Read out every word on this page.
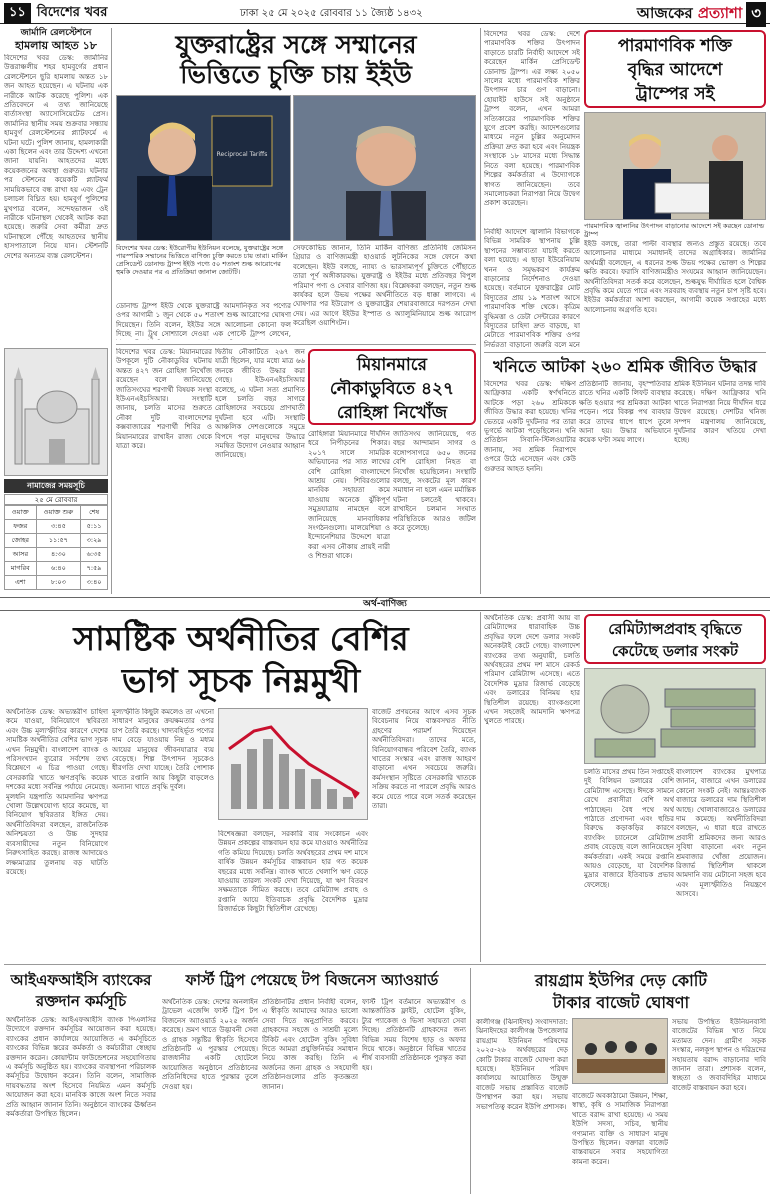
১১ বিদেশের খবর	ঢাকা ২৫ মে ২০২৫ রোববার ১১ জ্যৈষ্ঠ ১৪৩২	আজকের প্রত্যাশা ৩
জার্মানি রেলস্টেশনে
হামলায় আহত ১৮
বিদেশের খবর ডেস্ক: জার্মানির উত্তরাঞ্চলীয় শহর হামবুর্গের প্রধান রেলস্টেশনে ছুরি হামলায় অন্তত ১৮ জন আহত হয়েছেন। এ ঘটনায় এক নারীকে আটক করেছে পুলিশ। এক প্রতিবেদনে এ তথ্য জানিয়েছে বার্তাসংস্থা অ্যাসোসিয়েটেড প্রেস। জার্মানির স্থানীয় সময় শুক্রবার সন্ধ্যায় হামবুর্গ রেলস্টেশনের প্ল্যাটফর্মে এ ঘটনা ঘটে। পুলিশ জানায়, হামলাকারী একা ছিলেন এবং তার উদ্দেশ্য এখনো জানা যায়নি। আহতদের মধ্যে কয়েকজনের অবস্থা গুরুতর। ঘটনার পর স্টেশনের কয়েকটি প্ল্যাটফর্ম সাময়িকভাবে বন্ধ রাখা হয় এবং ট্রেন চলাচল বিঘ্নিত হয়। হামবুর্গ পুলিশের মুখপাত্র বলেন, সন্দেহভাজন ওই নারীকে ঘটনাস্থল থেকেই আটক করা হয়েছে। জরুরি সেবা কর্মীরা দ্রুত ঘটনাস্থলে পৌঁছে আহতদের স্থানীয় হাসপাতালে নিয়ে যান। স্টেশনটি দেশের অন্যতম ব্যস্ত রেলস্টেশন।
নামাজের সময়সূচি
২৫ মে রোববার
ওয়াক্ত	ওয়াক্ত শুরু	শেষ
ফজর	৩:৪৫	৫:১১
জোহর	১১:৫৭	৩:২৯
আসর	৪:৩০	৬:৩৫
মাগরিব	৬:৪০	৭:৫৯
এশা	৮:০৩	৩:৪০
যুক্তরাষ্ট্রের সঙ্গে সম্মানের
ভিত্তিতে চুক্তি চায় ইইউ
Reciprocal Tariffs
বিদেশের খবর ডেস্ক: ইউরোপীয় ইউনিয়ন বলেছে, যুক্তরাষ্ট্রের সঙ্গে পারস্পরিক সম্মানের ভিত্তিতে বাণিজ্য চুক্তি করতে চায় তারা। মার্কিন প্রেসিডেন্ট ডোনাল্ড ট্রাম্প ইইউ পণ্যে ৫০ শতাংশ শুল্ক আরোপের হুমকি দেওয়ার পর এ প্রতিক্রিয়া জানাল জোটটি।
ডোনাল্ড ট্রাম্প ইইউ থেকে যুক্তরাষ্ট্রে আমদানিকৃত সব পণ্যের ওপর আগামী ১ জুন থেকে ৫০ শতাংশ শুল্ক আরোপের ঘোষণা দিয়েছেন। তিনি বলেন, ইইউর সঙ্গে আলোচনা কোনো ফল দিচ্ছে না। ট্রুথ সোশ্যালে দেওয়া এক পোস্টে ট্রাম্প লেখেন,
সেফকোভিচ জানান, তিনি মার্কিন বাণিজ্য প্রতিনিধি জেমিসন গ্রিয়ার ও বাণিজ্যমন্ত্রী হাওয়ার্ড লুটনিকের সঙ্গে ফোনে কথা বলেছেন। ইইউ বলছে, ন্যায্য ও ভারসাম্যপূর্ণ চুক্তিতে পৌঁছাতে তারা পূর্ণ অঙ্গীকারবদ্ধ। যুক্তরাষ্ট্র ও ইইউর মধ্যে প্রতিবছর বিপুল পরিমাণ পণ্য ও সেবার বাণিজ্য হয়। বিশ্লেষকরা বলছেন, নতুন শুল্ক কার্যকর হলে উভয় পক্ষের অর্থনীতিতে বড় ধাক্কা লাগবে। এ ঘোষণার পর ইউরোপ ও যুক্তরাষ্ট্রের শেয়ারবাজারে দরপতন দেখা দেয়। এর আগে ইইউর ইস্পাত ও অ্যালুমিনিয়ামে শুল্ক আরোপ করেছিল ওয়াশিংটন।
বিদেশের খবর ডেস্ক: মিয়ানমারের উপকূলে দুটি নৌকাডুবির ঘটনায় অন্তত ৪২৭ জন রোহিঙ্গা নিখোঁজ রয়েছেন বলে জানিয়েছে জাতিসংঘের শরণার্থী বিষয়ক সংস্থা ইউএনএইচসিআর। সংস্থাটি জানায়, চলতি মাসের শুরুতে নৌকা দুটি বাংলাদেশের কক্সবাজারের শরণার্থী শিবির ও মিয়ানমারের রাখাইন রাজ্য থেকে যাত্রা করে।
দ্বিতীয় নৌকাটিতে ২৬৭ জন যাত্রী ছিলেন, যার মধ্যে মাত্র ৬৬ জনকে জীবিত উদ্ধার করা গেছে। ইউএনএইচসিআর বলেছে, এ ঘটনা সত্য প্রমাণিত হলে চলতি বছর সাগরে রোহিঙ্গাদের সবচেয়ে প্রাণঘাতী দুর্ঘটনা হবে এটি। সংস্থাটি আঞ্চলিক দেশগুলোকে সমুদ্রে বিপদে পড়া মানুষদের উদ্ধারে সমন্বিত উদ্যোগ নেওয়ার আহ্বান জানিয়েছে।
মিয়ানমারে
নৌকাডুবিতে ৪২৭
রোহিঙ্গা নিখোঁজ
রোহিঙ্গারা মিয়ানমারে দীর্ঘদিন ধরে নিপীড়নের শিকার। ২০১৭ সালে সামরিক অভিযানের পর সাত লাখের বেশি রোহিঙ্গা বাংলাদেশে আশ্রয় নেয়। শিবিরগুলোর মানবিক সহায়তা কমে যাওয়ায় অনেকে ঝুঁকিপূর্ণ সমুদ্রযাত্রায় নামছেন বলে জানিয়েছে মানবাধিকার সংগঠনগুলো। মালয়েশিয়া ও ইন্দোনেশিয়ার উদ্দেশে যাত্রা করা এসব নৌকায় প্রায়ই নারী ও শিশুরা থাকে।
জাতিসংঘ জানিয়েছে, গত বছর আন্দামান সাগর ও বঙ্গোপসাগরে ৬৫০ জনের বেশি রোহিঙ্গা নিহত বা নিখোঁজ হয়েছিলেন। সংস্থাটি বলছে, সংকটের মূল কারণ সমাধান না হলে এমন মর্মান্তিক ঘটনা চলতেই থাকবে। রাখাইনে চলমান সংঘাত পরিস্থিতিকে আরও জটিল করে তুলেছে।
বিদেশের খবর ডেস্ক: দেশে পারমাণবিক শক্তির উৎপাদন বাড়াতে চারটি নির্বাহী আদেশে সই করেছেন মার্কিন প্রেসিডেন্ট ডোনাল্ড ট্রাম্প। এর লক্ষ্য ২০৫০ সালের মধ্যে পারমাণবিক শক্তির উৎপাদন চার গুণ বাড়ানো। হোয়াইট হাউসে সই অনুষ্ঠানে ট্রাম্প বলেন, এখন আমরা সত্যিকারের পারমাণবিক শক্তির যুগে প্রবেশ করছি। আদেশগুলোর মাধ্যমে নতুন চুল্লির অনুমোদন প্রক্রিয়া দ্রুত করা হবে এবং নিয়ন্ত্রক সংস্থাকে ১৮ মাসের মধ্যে সিদ্ধান্ত নিতে বলা হয়েছে। পারমাণবিক শিল্পের কর্মকর্তারা এ উদ্যোগকে স্বাগত জানিয়েছেন। তবে সমালোচকরা নিরাপত্তা নিয়ে উদ্বেগ প্রকাশ করেছেন।
পারমাণবিক শক্তি
বৃদ্ধির আদেশে
ট্রাম্পের সই
পারমাণবিক জ্বালানির উৎপাদন বাড়ানোর আদেশে সই করছেন ডোনাল্ড ট্রাম্প
নির্বাহী আদেশে জ্বালানি বিভাগকে বিভিন্ন সামরিক স্থাপনায় চুল্লি স্থাপনের সম্ভাব্যতা যাচাই করতে বলা হয়েছে। এ ছাড়া ইউরেনিয়াম খনন ও সমৃদ্ধকরণ কার্যক্রম বাড়ানোর নির্দেশনাও দেওয়া হয়েছে। বর্তমানে যুক্তরাষ্ট্রের মোট বিদ্যুতের প্রায় ১৯ শতাংশ আসে পারমাণবিক শক্তি থেকে। কৃত্রিম বুদ্ধিমত্তা ও ডেটা সেন্টারের কারণে বিদ্যুতের চাহিদা দ্রুত বাড়ছে, যা মেটাতে পারমাণবিক শক্তির ওপর নির্ভরতা বাড়ানো জরুরি বলে মনে
ইইউ বলছে, তারা পাল্টা ব্যবস্থার জন্যও প্রস্তুত রয়েছে। তবে আলোচনার মাধ্যমে সমাধানই তাদের অগ্রাধিকার। জার্মানির অর্থমন্ত্রী বলেছেন, এ ধরনের শুল্ক উভয় পক্ষের ভোক্তা ও শিল্পের ক্ষতি করবে। ফরাসি বাণিজ্যমন্ত্রীও সংযমের আহ্বান জানিয়েছেন। অর্থনীতিবিদরা সতর্ক করে বলেছেন, শুল্কযুদ্ধ দীর্ঘায়িত হলে বৈশ্বিক প্রবৃদ্ধি কমে যেতে পারে এবং সরবরাহ ব্যবস্থায় নতুন চাপ সৃষ্টি হবে। ইইউর কর্মকর্তারা আশা করছেন, আগামী কয়েক সপ্তাহের মধ্যে আলোচনায় অগ্রগতি হবে।
খনিতে আটকা ২৬০ শ্রমিক জীবিত উদ্ধার
বিদেশের খবর ডেস্ক: দক্ষিণ আফ্রিকার একটি স্বর্ণখনিতে আটকে পড়া ২৬০ শ্রমিককে জীবিত উদ্ধার করা হয়েছে। খনির ভেতরে একটি দুর্ঘটনার পর তারা ভূগর্ভে আটকা পড়েছিলেন। খনি প্রতিষ্ঠান সিবানি-স্টিলওয়াটার জানায়, সব শ্রমিক নিরাপদে ওপরে উঠে এসেছেন এবং কেউ গুরুতর আহত হননি।
প্রতিষ্ঠানটি জানায়, বৃহস্পতিবার রাতে খনির একটি লিফট ব্যবস্থার ক্ষতি হওয়ার পর শ্রমিকরা আটকা পড়েন। পরে বিকল্প পথ ব্যবহার করে তাদের ধাপে ধাপে তুলে আনা হয়। উদ্ধার অভিযানে কয়েক ঘণ্টা সময় লাগে।
শ্রমিক ইউনিয়ন ঘটনার তদন্ত দাবি করেছে। দক্ষিণ আফ্রিকার খনি খাতে নিরাপত্তা নিয়ে দীর্ঘদিন ধরে উদ্বেগ রয়েছে। দেশটির খনিজ সম্পদ মন্ত্রণালয় জানিয়েছে, দুর্ঘটনার কারণ খতিয়ে দেখা হচ্ছে।
অর্থ-বাণিজ্য
সামষ্টিক অর্থনীতির বেশির
ভাগ সূচক নিম্নমুখী
অর্থনৈতিক ডেস্ক: অভ্যন্তরীণ চাহিদা কমে যাওয়া, বিনিয়োগে স্থবিরতা এবং উচ্চ মূল্যস্ফীতির কারণে দেশের সামষ্টিক অর্থনীতির বেশির ভাগ সূচক এখন নিম্নমুখী। বাংলাদেশ ব্যাংক ও পরিসংখ্যান ব্যুরোর সর্বশেষ তথ্য বিশ্লেষণে এ চিত্র পাওয়া গেছে। বেসরকারি খাতে ঋণপ্রবৃদ্ধি কয়েক দশকের মধ্যে সর্বনিম্ন পর্যায়ে নেমেছে। মূলধনি যন্ত্রপাতি আমদানির ঋণপত্র খোলা উল্লেখযোগ্য হারে কমেছে, যা বিনিয়োগ স্থবিরতার ইঙ্গিত দেয়। অর্থনীতিবিদরা বলছেন, রাজনৈতিক অনিশ্চয়তা ও উচ্চ সুদহার ব্যবসায়ীদের নতুন বিনিয়োগে নিরুৎসাহিত করছে। রাজস্ব আদায়েও লক্ষ্যমাত্রার তুলনায় বড় ঘাটতি রয়েছে।
মূল্যস্ফীতি কিছুটা কমলেও তা এখনো সাধারণ মানুষের ক্রয়ক্ষমতার ওপর চাপ তৈরি করছে। খাদ্যবহির্ভূত পণ্যের দাম বেড়ে যাওয়ায় নিম্ন ও মধ্যম আয়ের মানুষের জীবনযাত্রার ব্যয় বেড়েছে। শিল্প উৎপাদন সূচকেও ধীরগতি দেখা যাচ্ছে। তৈরি পোশাক খাতে রপ্তানি আয় কিছুটা বাড়লেও অন্যান্য খাতে প্রবৃদ্ধি দুর্বল।
বিশেষজ্ঞরা বলছেন, সরকারি ব্যয় সংকোচন এবং উন্নয়ন প্রকল্পের বাস্তবায়ন হার কমে যাওয়াও অর্থনীতির গতি কমিয়ে দিয়েছে। চলতি অর্থবছরের প্রথম দশ মাসে বার্ষিক উন্নয়ন কর্মসূচির বাস্তবায়ন হার গত কয়েক বছরের মধ্যে সর্বনিম্ন। ব্যাংক খাতে খেলাপি ঋণ বেড়ে যাওয়ায় তারল্য সংকট দেখা দিয়েছে, যা ঋণ বিতরণ সক্ষমতাকে সীমিত করছে। তবে রেমিট্যান্স প্রবাহ ও রপ্তানি আয়ে ইতিবাচক প্রবৃদ্ধি বৈদেশিক মুদ্রার রিজার্ভকে কিছুটা স্থিতিশীল রেখেছে।
বাজেট প্রণয়নের আগে এসব সূচক বিবেচনায় নিয়ে বাস্তবসম্মত নীতি গ্রহণের পরামর্শ দিয়েছেন অর্থনীতিবিদরা। তাদের মতে, বিনিয়োগবান্ধব পরিবেশ তৈরি, ব্যাংক খাতের সংস্কার এবং রাজস্ব আহরণ বাড়ানো এখন সবচেয়ে জরুরি। কর্মসংস্থান সৃষ্টিতে বেসরকারি খাতকে সক্রিয় করতে না পারলে প্রবৃদ্ধি আরও কমে যেতে পারে বলে সতর্ক করেছেন তারা।
অর্থনৈতিক ডেস্ক: প্রবাসী আয় বা রেমিট্যান্সের ধারাবাহিক উচ্চ প্রবৃদ্ধির ফলে দেশে ডলার সংকট অনেকটাই কেটে গেছে। বাংলাদেশ ব্যাংকের তথ্য অনুযায়ী, চলতি অর্থবছরের প্রথম দশ মাসে রেকর্ড পরিমাণ রেমিট্যান্স এসেছে। এতে বৈদেশিক মুদ্রার রিজার্ভ বেড়েছে এবং ডলারের বিনিময় হার স্থিতিশীল রয়েছে। ব্যাংকগুলো এখন সহজেই আমদানি ঋণপত্র খুলতে পারছে।
রেমিট্যান্সপ্রবাহ বৃদ্ধিতে
কেটেছে ডলার সংকট
চলতি মাসের প্রথম তিন সপ্তাহেই দুই বিলিয়ন ডলারের বেশি রেমিট্যান্স এসেছে। ঈদকে সামনে রেখে প্রবাসীরা বেশি অর্থ পাঠাচ্ছেন। বৈধ পথে অর্থ পাঠাতে প্রণোদনা এবং হুন্ডির বিরুদ্ধে কড়াকড়ির কারণে ব্যাংকিং চ্যানেলে রেমিট্যান্স প্রবাহ বেড়েছে বলে জানিয়েছেন কর্মকর্তারা। একই সময়ে রপ্তানি আয়ও বেড়েছে, যা বৈদেশিক মুদ্রার বাজারে ইতিবাচক প্রভাব ফেলেছে।
বাংলাদেশ ব্যাংকের মুখপাত্র জানান, বাজারে এখন ডলারের কোনো সংকট নেই। আন্তঃব্যাংক বাজারে ডলারের দাম স্থিতিশীল আছে। খোলাবাজারেও ডলারের দাম কমেছে। অর্থনীতিবিদরা বলছেন, এ ধারা ধরে রাখতে প্রবাসী শ্রমিকদের জন্য আরও সুবিধা বাড়ানো এবং নতুন শ্রমবাজার খোঁজা প্রয়োজন। রিজার্ভ স্থিতিশীল থাকলে আমদানি ব্যয় মেটানো সহজ হবে এবং মূল্যস্ফীতিও নিয়ন্ত্রণে আসবে।
আইএফআইসি ব্যাংকের রক্তদান কর্মসূচি
অর্থনৈতিক ডেস্ক: আইএফআইসি ব্যাংক পিএলসির উদ্যোগে রক্তদান কর্মসূচির আয়োজন করা হয়েছে। ব্যাংকের প্রধান কার্যালয়ে আয়োজিত এ কর্মসূচিতে ব্যাংকের বিভিন্ন স্তরের কর্মকর্তা ও কর্মচারীরা স্বেচ্ছায় রক্তদান করেন। কোয়ান্টাম ফাউন্ডেশনের সহযোগিতায় এ কর্মসূচি অনুষ্ঠিত হয়। ব্যাংকের ব্যবস্থাপনা পরিচালক কর্মসূচির উদ্বোধন করেন। তিনি বলেন, সামাজিক দায়বদ্ধতার অংশ হিসেবে নিয়মিত এমন কর্মসূচি আয়োজন করা হবে। মানবিক কাজে অংশ নিতে সবার প্রতি আহ্বান জানান তিনি। অনুষ্ঠানে ব্যাংকের ঊর্ধ্বতন কর্মকর্তারা উপস্থিত ছিলেন।
ফার্স্ট ট্রিপ পেয়েছে টপ বিজনেস অ্যাওয়ার্ড
অর্থনৈতিক ডেস্ক: দেশের অনলাইন ট্রাভেল এজেন্সি ফার্স্ট ট্রিপ টপ বিজনেস অ্যাওয়ার্ড ২০২৫ অর্জন করেছে। ভ্রমণ খাতে উদ্ভাবনী সেবা ও গ্রাহক সন্তুষ্টির স্বীকৃতি হিসেবে প্রতিষ্ঠানটি এ পুরস্কার পেয়েছে। রাজধানীর একটি হোটেলে আয়োজিত অনুষ্ঠানে প্রতিষ্ঠানের প্রতিনিধিদের হাতে পুরস্কার তুলে দেওয়া হয়।
প্রতিষ্ঠানটির প্রধান নির্বাহী বলেন, এ স্বীকৃতি আমাদের আরও ভালো সেবা দিতে অনুপ্রাণিত করবে। গ্রাহকদের সহজে ও সাশ্রয়ী মূল্যে টিকিট এবং হোটেল বুকিং সুবিধা দিতে আমরা প্রযুক্তিনির্ভর সমাধান নিয়ে কাজ করছি। তিনি এ অর্জনের জন্য গ্রাহক ও সহযোগী প্রতিষ্ঠানগুলোর প্রতি কৃতজ্ঞতা জানান।
ফার্স্ট ট্রিপ বর্তমানে অভ্যন্তরীণ ও আন্তর্জাতিক ফ্লাইট, হোটেল বুকিং, ট্যুর প্যাকেজ ও ভিসা সহায়তা সেবা দিচ্ছে। প্রতিষ্ঠানটি গ্রাহকদের জন্য বিভিন্ন সময় বিশেষ ছাড় ও অফার দিয়ে থাকে। অনুষ্ঠানে বিভিন্ন খাতের শীর্ষ ব্যবসায়ী প্রতিষ্ঠানকে পুরস্কৃত করা হয়।
রায়গ্রাম ইউপির দেড় কোটি
টাকার বাজেট ঘোষণা
কালীগঞ্জ (ঝিনাইদহ) সংবাদদাতা: ঝিনাইদহের কালীগঞ্জ উপজেলার রায়গ্রাম ইউনিয়ন পরিষদের ২০২৫-২৬ অর্থবছরের দেড় কোটি টাকার বাজেট ঘোষণা করা হয়েছে। ইউনিয়ন পরিষদ কার্যালয়ে আয়োজিত উন্মুক্ত বাজেট সভায় প্রস্তাবিত বাজেট উপস্থাপন করা হয়। সভায় সভাপতিত্ব করেন ইউপি প্রশাসক।
বাজেটে অবকাঠামো উন্নয়ন, শিক্ষা, স্বাস্থ্য, কৃষি ও সামাজিক নিরাপত্তা খাতে বরাদ্দ রাখা হয়েছে। এ সময় ইউপি সদস্য, সচিব, স্থানীয় গণ্যমান্য ব্যক্তি ও সাধারণ মানুষ উপস্থিত ছিলেন। বক্তারা বাজেট বাস্তবায়নে সবার সহযোগিতা কামনা করেন।
সভায় উপস্থিত ইউনিয়নবাসী বাজেটের বিভিন্ন খাত নিয়ে মতামত দেন। গ্রামীণ সড়ক সংস্কার, নলকূপ স্থাপন ও দরিদ্রদের সহায়তায় বরাদ্দ বাড়ানোর দাবি জানান তারা। প্রশাসক বলেন, স্বচ্ছতা ও জবাবদিহির মাধ্যমে বাজেট বাস্তবায়ন করা হবে।
